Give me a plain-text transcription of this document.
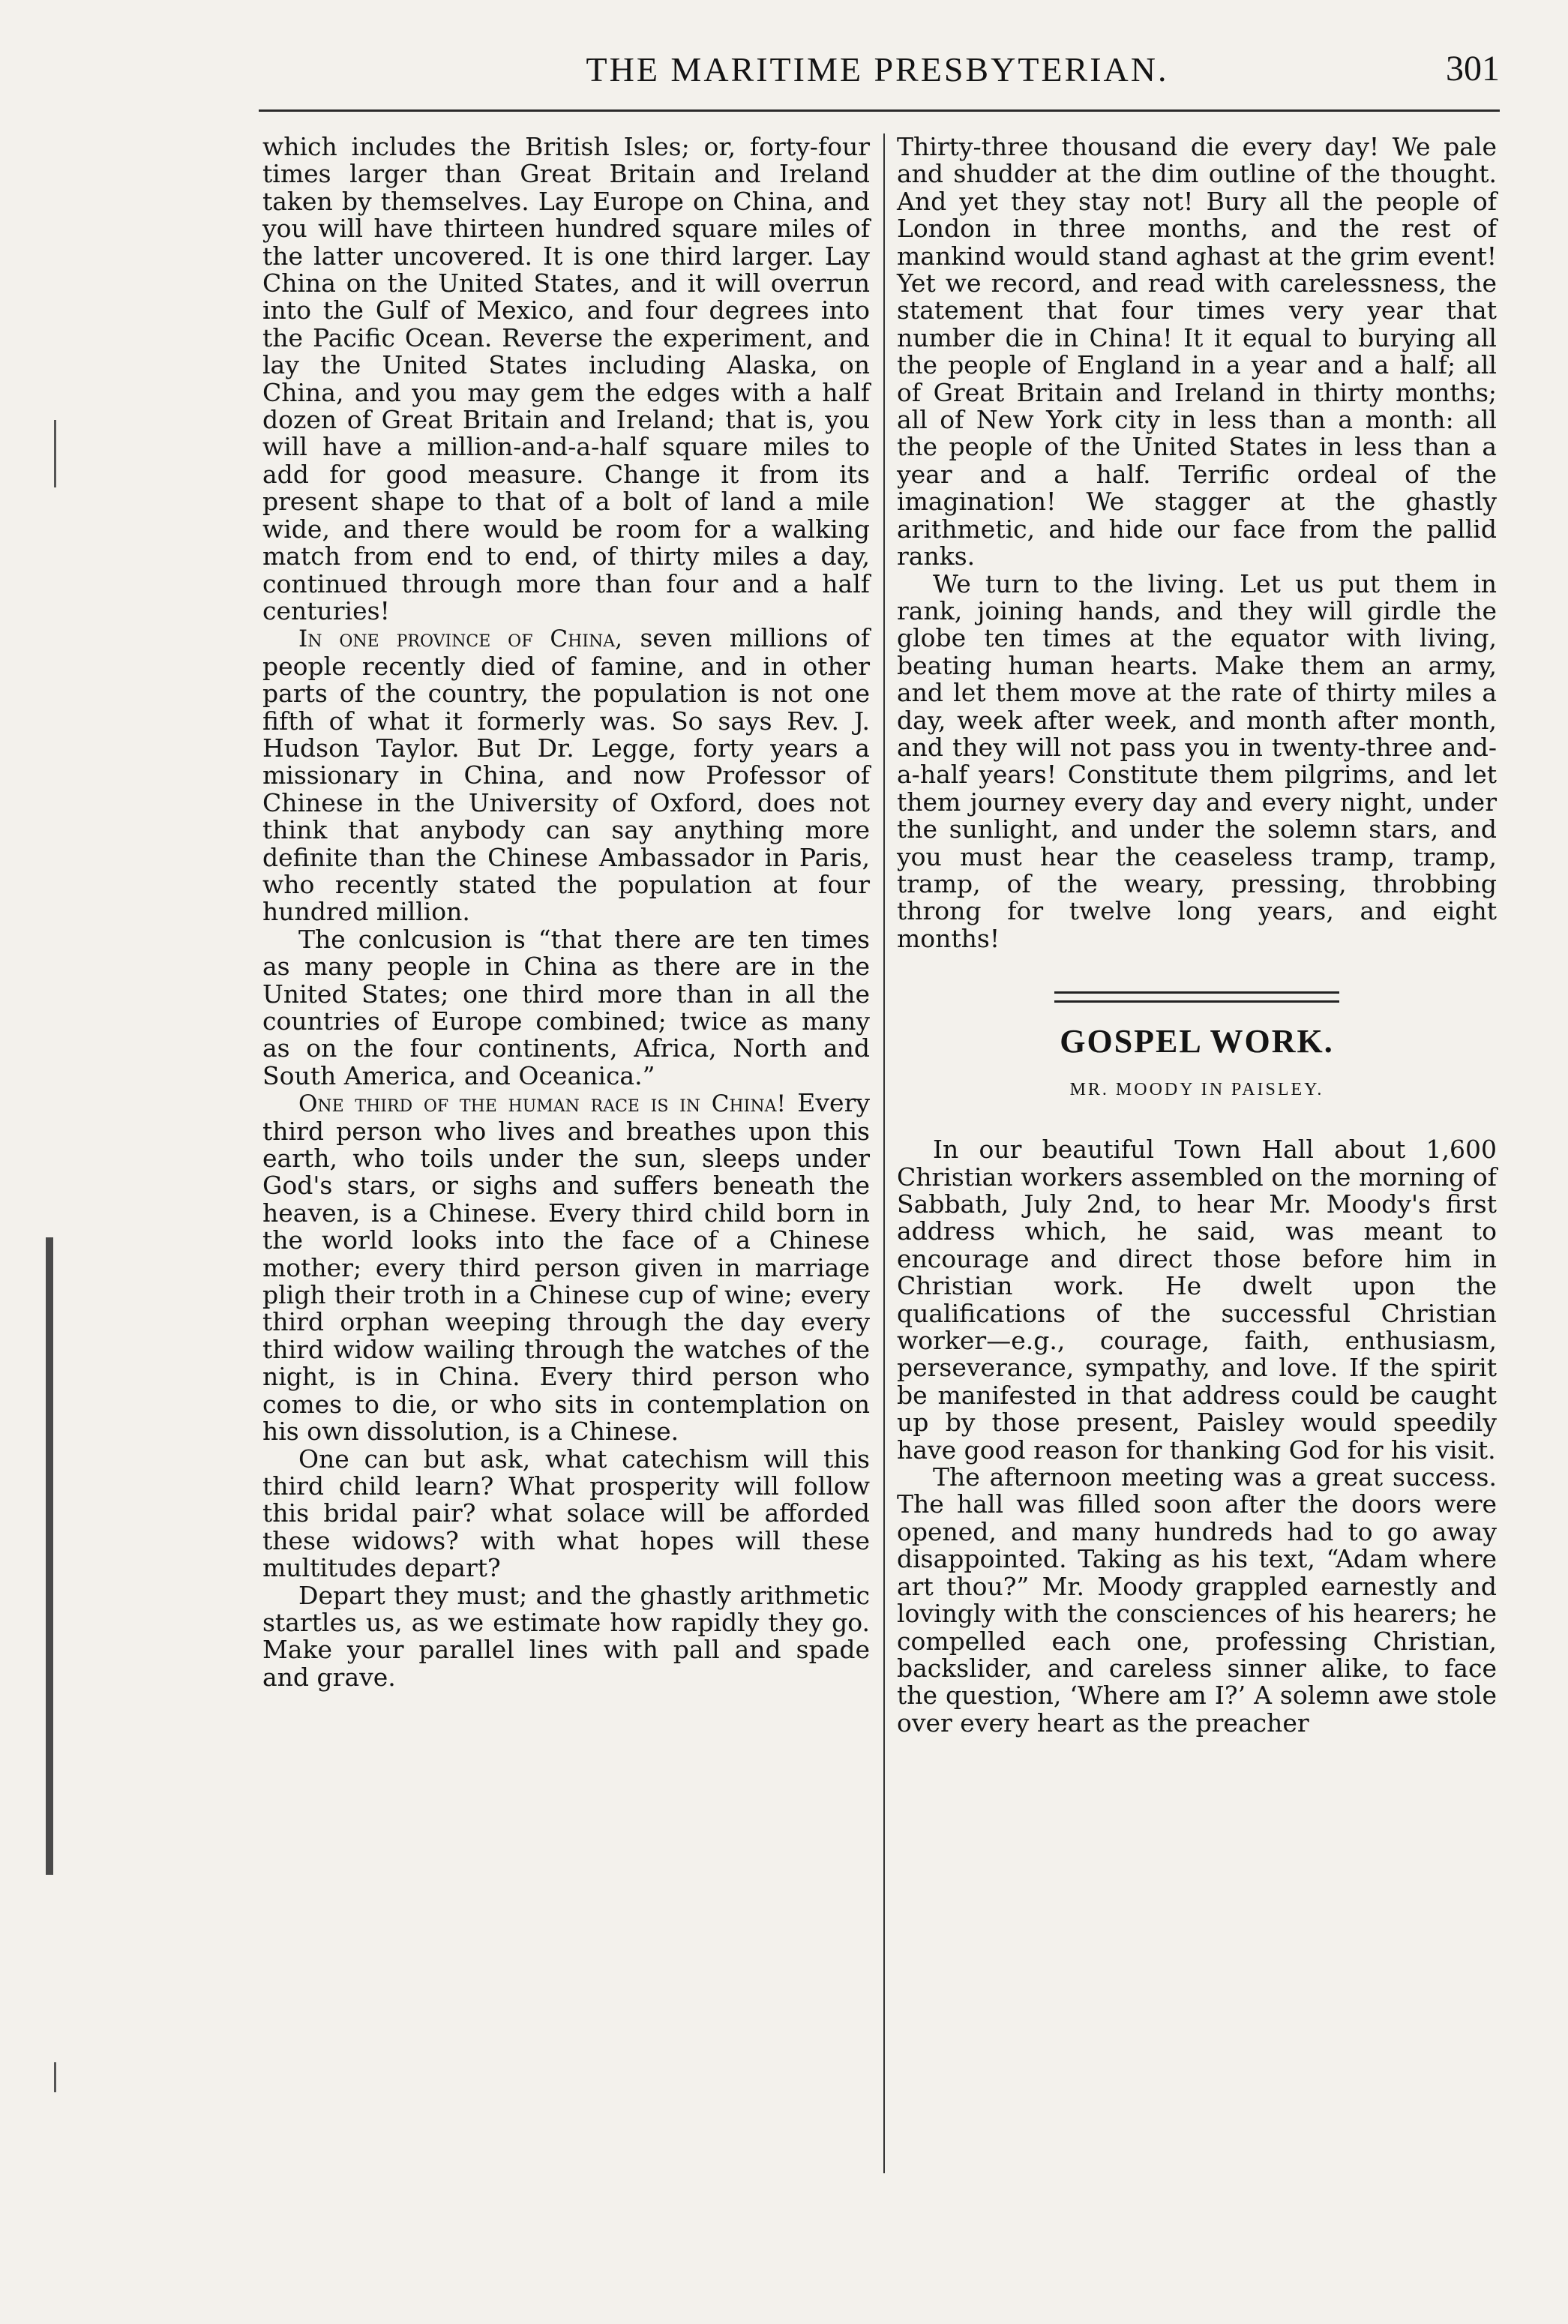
THE MARITIME PRESBYTERIAN.	301

which includes the British Isles; or, forty-four times larger than Great Britain and Ireland taken by themselves. Lay Europe on China, and you will have thirteen hundred square miles of the latter uncovered. It is one third larger. Lay China on the United States, and it will overrun into the Gulf of Mexico, and four degrees into the Pacific Ocean. Reverse the experiment, and lay the United States including Alaska, on China, and you may gem the edges with a half dozen of Great Britain and Ireland; that is, you will have a million-and-a-half square miles to add for good measure. Change it from its present shape to that of a bolt of land a mile wide, and there would be room for a walking match from end to end, of thirty miles a day, continued through more than four and a half centuries!

In one province of China, seven millions of people recently died of famine, and in other parts of the country, the population is not one fifth of what it formerly was. So says Rev. J. Hudson Taylor. But Dr. Legge, forty years a missionary in China, and now Professor of Chinese in the University of Oxford, does not think that anybody can say anything more definite than the Chinese Ambassador in Paris, who recently stated the population at four hundred million.

The conlcusion is “that there are ten times as many people in China as there are in the United States; one third more than in all the countries of Europe combined; twice as many as on the four continents, Africa, North and South America, and Oceanica.”

One third of the human race is in China! Every third person who lives and breathes upon this earth, who toils under the sun, sleeps under God's stars, or sighs and suffers beneath the heaven, is a Chinese. Every third child born in the world looks into the face of a Chinese mother; every third person given in marriage pligh their troth in a Chinese cup of wine; every third orphan weeping through the day every third widow wailing through the watches of the night, is in China. Every third person who comes to die, or who sits in contemplation on his own dissolution, is a Chinese.

One can but ask, what catechism will this third child learn? What prosperity will follow this bridal pair? what solace will be afforded these widows? with what hopes will these multitudes depart?

Depart they must; and the ghastly arithmetic startles us, as we estimate how rapidly they go. Make your parallel lines with pall and spade and grave.

Thirty-three thousand die every day! We pale and shudder at the dim outline of the thought. And yet they stay not! Bury all the people of London in three months, and the rest of mankind would stand aghast at the grim event! Yet we record, and read with carelessness, the statement that four times very year that number die in China! It it equal to burying all the people of England in a year and a half; all of Great Britain and Ireland in thirty months; all of New York city in less than a month: all the people of the United States in less than a year and a half. Terrific ordeal of the imagination! We stagger at the ghastly arithmetic, and hide our face from the pallid ranks.

We turn to the living. Let us put them in rank, joining hands, and they will girdle the globe ten times at the equator with living, beating human hearts. Make them an army, and let them move at the rate of thirty miles a day, week after week, and month after month, and they will not pass you in twenty-three and-a-half years! Constitute them pilgrims, and let them journey every day and every night, under the sunlight, and under the solemn stars, and you must hear the ceaseless tramp, tramp, tramp, of the weary, pressing, throbbing throng for twelve long years, and eight months!

GOSPEL WORK.
MR. MOODY IN PAISLEY.

In our beautiful Town Hall about 1,600 Christian workers assembled on the morning of Sabbath, July 2nd, to hear Mr. Moody's first address which, he said, was meant to encourage and direct those before him in Christian work. He dwelt upon the qualifications of the successful Christian worker—e.g., courage, faith, enthusiasm, perseverance, sympathy, and love. If the spirit be manifested in that address could be caught up by those present, Paisley would speedily have good reason for thanking God for his visit.

The afternoon meeting was a great success. The hall was filled soon after the doors were opened, and many hundreds had to go away disappointed. Taking as his text, “Adam where art thou?” Mr. Moody grappled earnestly and lovingly with the consciences of his hearers; he compelled each one, professing Christian, backslider, and careless sinner alike, to face the question, ‘Where am I?’ A solemn awe stole over every heart as the preacher
